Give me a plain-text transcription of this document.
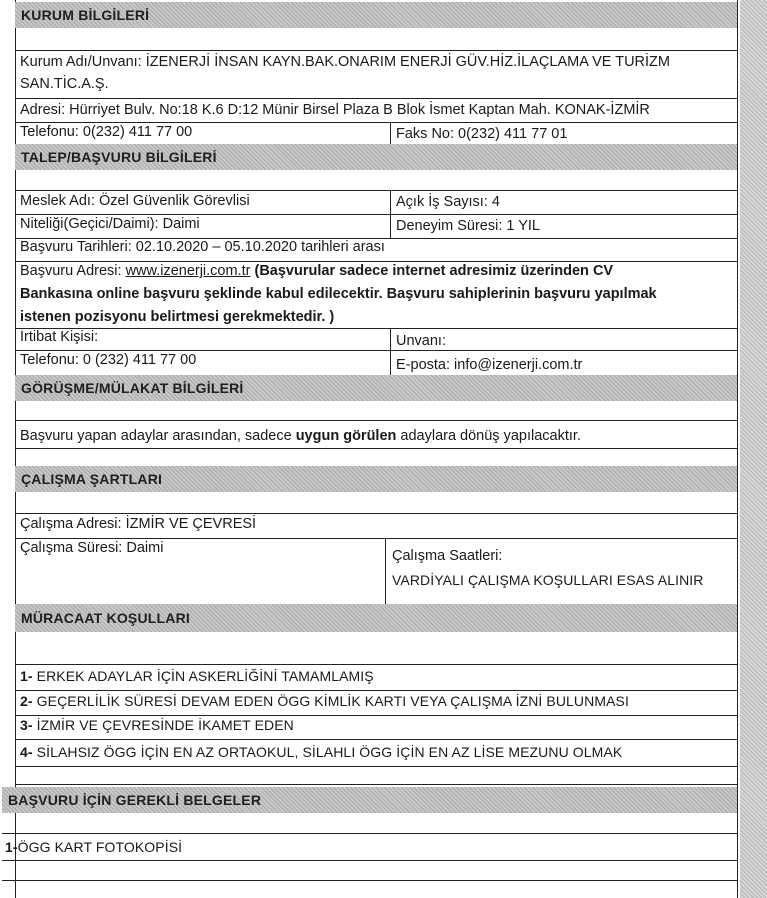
KURUM BİLGİLERİ
Kurum Adı/Unvanı: İZENERJİ İNSAN KAYN.BAK.ONARIM ENERJİ GÜV.HİZ.İLAÇLAMA VE TURİZM
SAN.TİC.A.Ş.
Adresi: Hürriyet Bulv. No:18 K.6 D:12 Münir Birsel Plaza B Blok İsmet Kaptan Mah. KONAK-İZMİR
Telefonu: 0(232) 411 77 00	Faks No: 0(232) 411 77 01
TALEP/BAŞVURU BİLGİLERİ
Meslek Adı: Özel Güvenlik Görevlisi	Açık İş Sayısı: 4
Niteliği(Geçici/Daimi): Daimi	Deneyim Süresi: 1 YIL
Başvuru Tarihleri: 02.10.2020 – 05.10.2020 tarihleri arası
Başvuru Adresi: www.izenerji.com.tr (Başvurular sadece internet adresimiz üzerinden CV
Bankasına online başvuru şeklinde kabul edilecektir. Başvuru sahiplerinin başvuru yapılmak
istenen pozisyonu belirtmesi gerekmektedir. )
İrtibat Kişisi:	Unvanı:
Telefonu: 0 (232) 411 77 00	E-posta: info@izenerji.com.tr
GÖRÜŞME/MÜLAKAT BİLGİLERİ
Başvuru yapan adaylar arasından, sadece uygun görülen adaylara dönüş yapılacaktır.
ÇALIŞMA ŞARTLARI
Çalışma Adresi: İZMİR VE ÇEVRESİ
Çalışma Süresi: Daimi	Çalışma Saatleri:
VARDİYALI ÇALIŞMA KOŞULLARI ESAS ALINIR
MÜRACAAT KOŞULLARI
1- ERKEK ADAYLAR İÇİN ASKERLİĞİNİ TAMAMLAMIŞ
2- GEÇERLİLİK SÜRESİ DEVAM EDEN ÖGG KİMLİK KARTI VEYA ÇALIŞMA İZNİ BULUNMASI
3- İZMİR VE ÇEVRESİNDE İKAMET EDEN
4- SİLAHSIZ ÖGG İÇİN EN AZ ORTAOKUL, SİLAHLI ÖGG İÇİN EN AZ LİSE MEZUNU OLMAK
BAŞVURU İÇİN GEREKLİ BELGELER
1-ÖGG KART FOTOKOPİSİ
